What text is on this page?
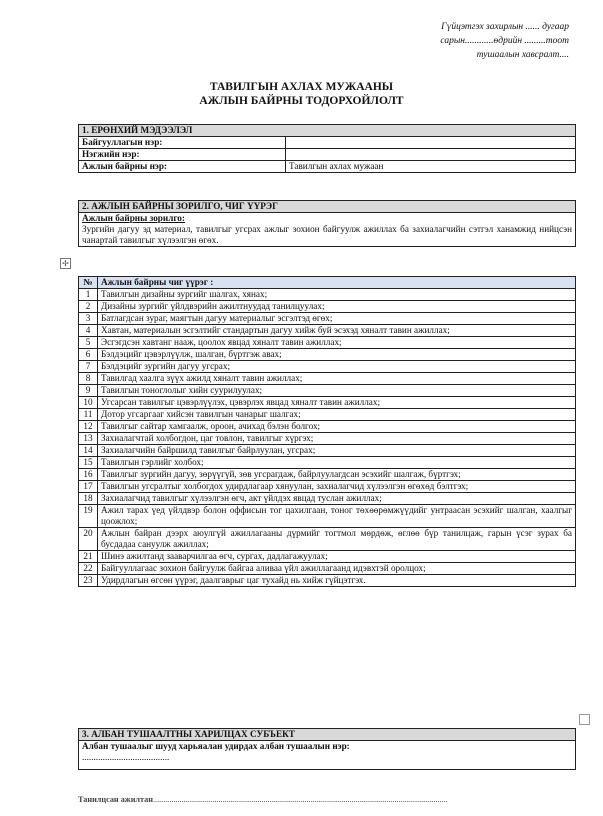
Гүйцэтгэх захирлын ...... дугаар
сарын............өдрийн .........тоот
тушаалын хавсралт....
ТАВИЛГЫН АХЛАХ МУЖААНЫ
АЖЛЫН БАЙРНЫ ТОДОРХОЙЛОЛТ
1. ЕРӨНХИЙ МЭДЭЭЛЭЛ	
Байгууллагын нэр:	
Нэгжийн нэр:	
Ажлын байрны нэр:	Тавилгын ахлах мужаан
2. АЖЛЫН БАЙРНЫ ЗОРИЛГО, ЧИГ ҮҮРЭГ

Ажлын байрны зорилго:
Зургийн дагуу эд материал, тавилгыг угсрах ажлыг зохион байгуулж ажиллах ба захиалагчийн сэтгэл ханамжид нийцсэн чанартай тавилгыг хүлээлгэн өгөх.
✢
№	Ажлын байрны чиг үүрэг :
1	Тавилгын дизайны зургийг шалгах, хянах;
2	Дизайны зургийг үйлдвэрийн ажилтнуудад танилцуулах;
3	Батлагдсан зураг, маягтын дагуу материалыг эсгэлтэд өгөх;
4	Хавтан, материалын эсгэлтийг стандартын дагуу хийж буй эсэхэд хяналт тавин ажиллах;
5	Эсгэгдсэн хавтанг нааж, цоолох явцад хяналт тавин ажиллах;
6	Бэлдэцийг цэвэрлүүлж, шалган, бүртгэж авах;
7	Бэлдэцийг зургийн дагуу угсрах;
8	Тавилгад хаалга зүүх ажилд хяналт тавин ажиллах;
9	Тавилгын тоноглолыг хийн суурилуулах;
10	Угсарсан тавилгыг цэвэрлүүлэх, цэвэрлэх явцад хяналт тавин ажиллах;
11	Дотор угсаргааг хийсэн тавилгын чанарыг шалгах;
12	Тавилгыг сайтар хамгаалж, ороон, ачихад бэлэн болгох;
13	Захиалагчтай холбогдон, цаг товлон, тавилгыг хүргэх;
14	Захиалагчийн байршилд тавилгыг байрлуулан, угсрах;
15	Тавилгын гэрлийг холбох;
16	Тавилгыг зургийн дагуу, зөрүүгүй, зөв угсрагдаж, байрлуулагдсан эсэхийг шалгаж, бүртгэх;
17	Тавилгын угсралтыг холбогдох удирдлагаар хянуулан, захиалагчид хүлээлгэн өгөхөд бэлтгэх;
18	Захиалагчид тавилгыг хүлээлгэн өгч, акт үйлдэх явцад туслан ажиллах;
19	Ажил тарах үед үйлдвэр болон оффисын тог цахилгаан, тоног төхөөрөмжүүдийг унтраасан эсэхийг шалган, хаалгыг цоожлох;
20	Ажлын байран дээрх аюулгүй ажиллагааны дүрмийг тогтмол мөрдөж, өглөө бүр танилцаж, гарын үсэг зурах ба бусдадаа сануулж ажиллах;
21	Шинэ ажилтанд зааварчилгаа өгч, сургах, дадлагажуулах;
22	Байгууллагаас зохион байгуулж байгаа аливаа үйл ажиллагаанд идэвхтэй оролцох;
23	Удирдлагын өгсөн үүрэг, даалгаврыг цаг тухайд нь хийж гүйцэтгэх.
3. АЛБАН ТУШААЛТНЫ ХАРИЛЦАХ СУБЪЕКТ

Албан тушаалыг шууд харьяалан удирдах албан тушаалын нэр:
......................................
Танилцсан ажилтан................................................................................................................................................
